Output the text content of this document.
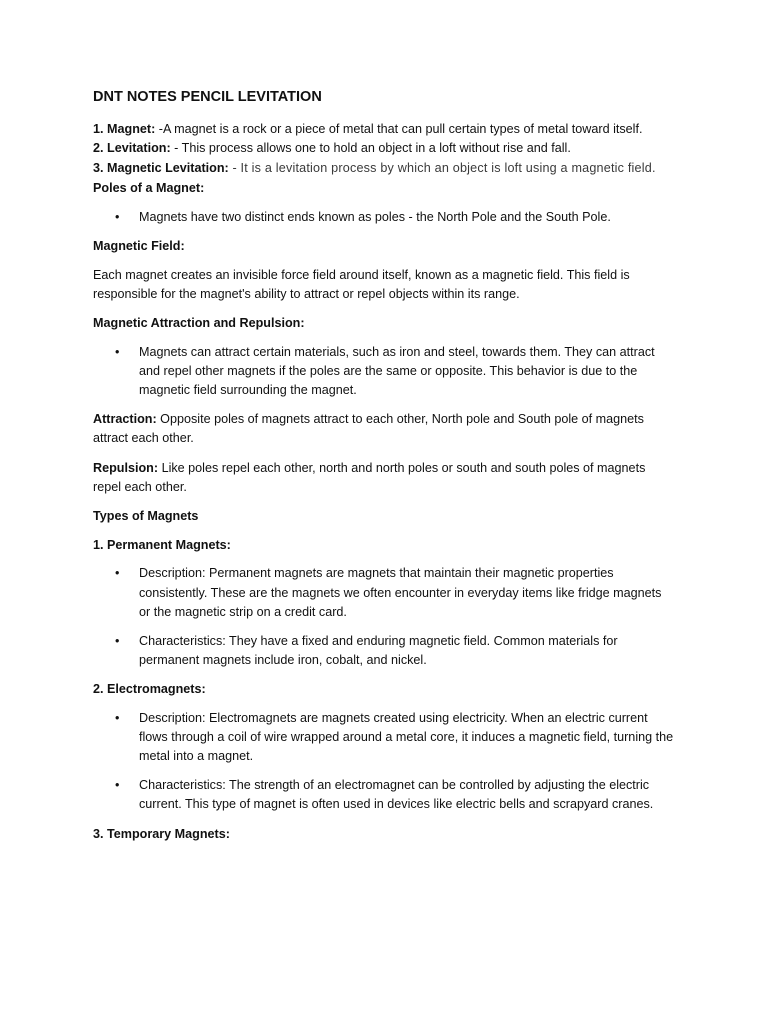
DNT NOTES PENCIL LEVITATION

1. Magnet: -A magnet is a rock or a piece of metal that can pull certain types of metal toward itself.

2. Levitation: - This process allows one to hold an object in a loft without rise and fall.

3. Magnetic Levitation: - It is a levitation process by which an object is loft using a magnetic field.

Poles of a Magnet:

• Magnets have two distinct ends known as poles - the North Pole and the South Pole.

Magnetic Field:

Each magnet creates an invisible force field around itself, known as a magnetic field. This field is responsible for the magnet's ability to attract or repel objects within its range.

Magnetic Attraction and Repulsion:

• Magnets can attract certain materials, such as iron and steel, towards them. They can attract and repel other magnets if the poles are the same or opposite. This behavior is due to the magnetic field surrounding the magnet.

Attraction: Opposite poles of magnets attract to each other, North pole and South pole of magnets attract each other.

Repulsion: Like poles repel each other, north and north poles or south and south poles of magnets repel each other.

Types of Magnets

1. Permanent Magnets:

• Description: Permanent magnets are magnets that maintain their magnetic properties consistently. These are the magnets we often encounter in everyday items like fridge magnets or the magnetic strip on a credit card.
• Characteristics: They have a fixed and enduring magnetic field. Common materials for permanent magnets include iron, cobalt, and nickel.

2. Electromagnets:

• Description: Electromagnets are magnets created using electricity. When an electric current flows through a coil of wire wrapped around a metal core, it induces a magnetic field, turning the metal into a magnet.
• Characteristics: The strength of an electromagnet can be controlled by adjusting the electric current. This type of magnet is often used in devices like electric bells and scrapyard cranes.

3. Temporary Magnets:
